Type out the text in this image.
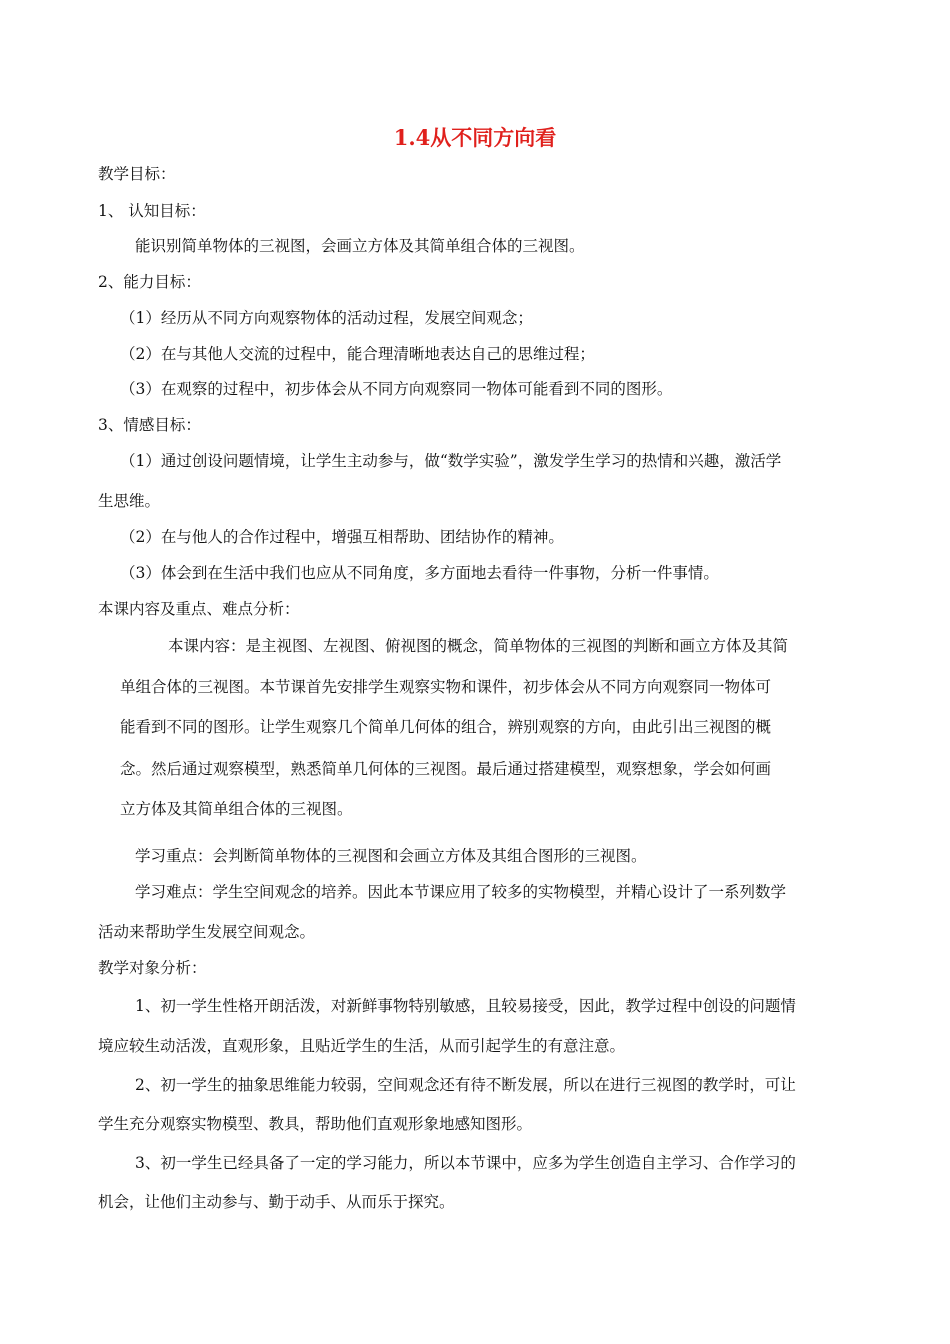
1.4从不同方向看
教学目标：
1、 认知目标：
能识别简单物体的三视图，会画立方体及其简单组合体的三视图。
2、能力目标：
（1）经历从不同方向观察物体的活动过程，发展空间观念；
（2）在与其他人交流的过程中，能合理清晰地表达自己的思维过程；
（3）在观察的过程中，初步体会从不同方向观察同一物体可能看到不同的图形。
3、情感目标：
（1）通过创设问题情境，让学生主动参与，做“数学实验”，激发学生学习的热情和兴趣，激活学
生思维。
（2）在与他人的合作过程中，增强互相帮助、团结协作的精神。
（3）体会到在生活中我们也应从不同角度，多方面地去看待一件事物，分析一件事情。
本课内容及重点、难点分析：
本课内容：是主视图、左视图、俯视图的概念，简单物体的三视图的判断和画立方体及其简
单组合体的三视图。本节课首先安排学生观察实物和课件，初步体会从不同方向观察同一物体可
能看到不同的图形。让学生观察几个简单几何体的组合，辨别观察的方向，由此引出三视图的概
念。然后通过观察模型，熟悉简单几何体的三视图。最后通过搭建模型，观察想象，学会如何画
立方体及其简单组合体的三视图。
学习重点：会判断简单物体的三视图和会画立方体及其组合图形的三视图。
学习难点：学生空间观念的培养。因此本节课应用了较多的实物模型，并精心设计了一系列数学
活动来帮助学生发展空间观念。
教学对象分析：
1、初一学生性格开朗活泼，对新鲜事物特别敏感，且较易接受，因此，教学过程中创设的问题情
境应较生动活泼，直观形象，且贴近学生的生活，从而引起学生的有意注意。
2、初一学生的抽象思维能力较弱，空间观念还有待不断发展，所以在进行三视图的教学时，可让
学生充分观察实物模型、教具，帮助他们直观形象地感知图形。
3、初一学生已经具备了一定的学习能力，所以本节课中，应多为学生创造自主学习、合作学习的
机会，让他们主动参与、勤于动手、从而乐于探究。
